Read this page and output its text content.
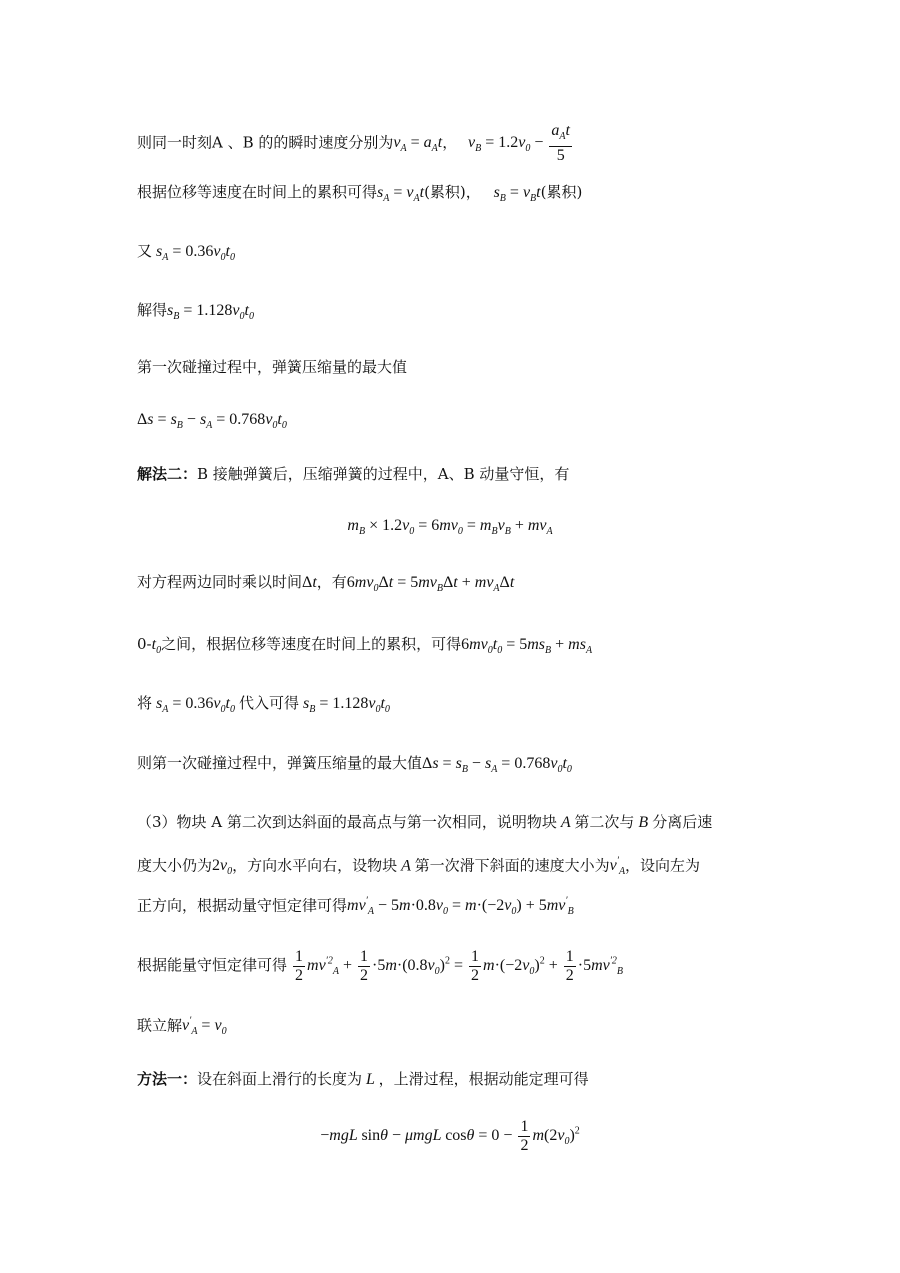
则同一时刻A 、B 的的瞬时速度分别为$v_A = a_At$， $v_B = 1.2v_0 - \frac{a_At}{5}$
根据位移等速度在时间上的累积可得$s_A = v_At$(累积)， $s_B = v_Bt$(累积)
又 $s_A = 0.36v_0t_0$
解得$s_B = 1.128v_0t_0$
第一次碰撞过程中，弹簧压缩量的最大值
$\Delta s = s_B - s_A = 0.768v_0t_0$
解法二：B 接触弹簧后，压缩弹簧的过程中，A、B 动量守恒，有
$m_B \times 1.2v_0 = 6mv_0 = m_Bv_B + mv_A$
对方程两边同时乘以时间Δt，有$6mv_0\Delta t = 5mv_B\Delta t + mv_A\Delta t$
$0-t_0$之间，根据位移等速度在时间上的累积，可得$6mv_0t_0 = 5ms_B + ms_A$
将 $s_A = 0.36v_0t_0$ 代入可得 $s_B = 1.128v_0t_0$
则第一次碰撞过程中，弹簧压缩量的最大值$\Delta s = s_B - s_A = 0.768v_0t_0$
（3）物块 A 第二次到达斜面的最高点与第一次相同，说明物块 A 第二次与 B 分离后速
度大小仍为$2v_0$，方向水平向右，设物块 A 第一次滑下斜面的速度大小为$v'_A$，设向左为
正方向，根据动量守恒定律可得$mv'_A - 5m\cdot 0.8v_0 = m\cdot(-2v_0) + 5mv'_B$
根据能量守恒定律可得 $\frac{1}{2} mv^{'2}_A + \frac{1}{2} \cdot 5m\cdot(0.8v_0)^2 = \frac{1}{2} m\cdot(-2v_0)^2 + \frac{1}{2} \cdot 5mv^{'2}_B$
联立解$v'_A = v_0$
方法一：设在斜面上滑行的长度为 L ，上滑过程，根据动能定理可得
−mgL sinθ − μmgL $\cos\theta = 0 - \frac{1}{2} m(2v_0)^2$
